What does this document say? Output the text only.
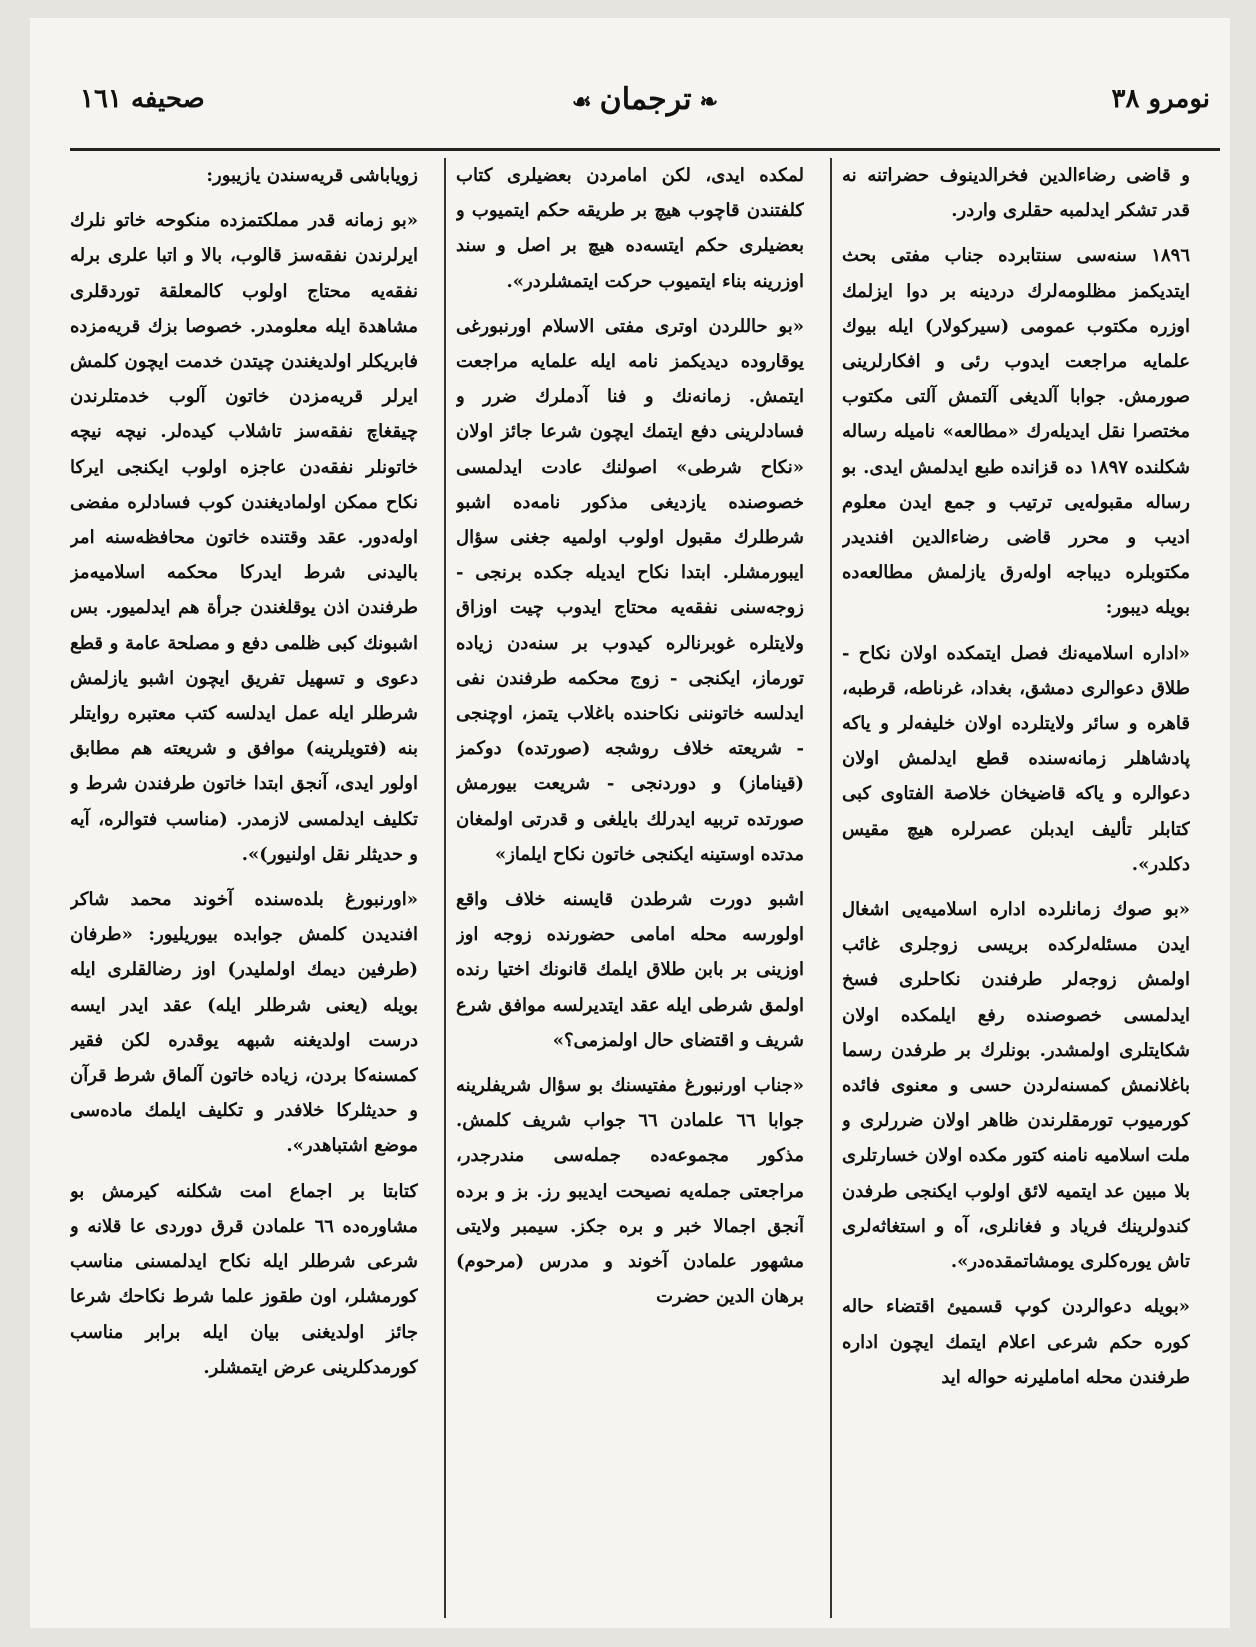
نومرو ٣٨
❧ترجمان☙
صحيفه ١٦١

و قاضى رضاءالدين فخرالدينوف حضراتنه نه قدر تشكر ايدلمبه حقلرى واردر.

١٨٩٦ سنه‌سى سنتابرده جناب مفتى بحث ايتديكمز مظلومه‌لرك دردينه بر دوا ايزلمك اوزره مكتوب عمومى (سيركولار) ايله بيوك علمايه مراجعت ايدوب رئى و افكارلرينى صورمش. جوابا آلديغى آلتمش آلتى مكتوب مختصرا نقل ايديله‌رك «مطالعه» ناميله رساله شكلنده ١٨٩٧ ده قزانده طبع ايدلمش ايدى. بو رساله مقبوله‌يى ترتيب و جمع ايدن معلوم اديب و محرر قاضى رضاءالدين افنديدر مكتوبلره ديباجه اوله‌رق يازلمش مطالعه‌ده بويله ديبور:

«اداره اسلاميه‌نك فصل ايتمكده اولان نكاح - طلاق دعوالرى دمشق، بغداد، غرناطه، قرطبه، قاهره و سائر ولايتلرده اولان خليفه‌لر و ياكه پادشاهلر زمانه‌سنده قطع ايدلمش اولان دعوالره و ياكه قاضيخان خلاصة الفتاوى كبى كتابلر تأليف ايدبلن عصرلره هيچ مقيس دكلدر».

«بو صوك زمانلرده اداره اسلاميه‌يى اشغال ايدن مسئله‌لركده بريسى زوجلرى غائب اولمش زوجه‌لر طرفندن نكاحلرى فسخ ايدلمسى خصوصنده رفع ايلمكده اولان شكايتلرى اولمشدر. بونلرك بر طرفدن رسما باغلانمش كمسنه‌لردن حسى و معنوى فائده كورميوب تورمقلرندن ظاهر اولان ضررلرى و ملت اسلاميه نامنه كتور مكده اولان خسارتلرى بلا مبين عد ايتميه لائق اولوب ايكنجى طرفدن كندولرينك فرياد و فغانلرى، آه و استغاثه‌لرى تاش يوره‌كلرى يومشاتمقده‌در».

«بويله دعوالردن كوپ قسميئ اقتضاء حاله كوره حكم شرعى اعلام ايتمك ايچون اداره طرفندن محله امامليرنه حواله ايد

لمكده ايدى، لكن امامردن بعضيلرى كتاب كلفتندن قاچوب هيچ بر طريقه حكم ايتميوب و بعضيلرى حكم ايتسه‌ده هيچ بر اصل و سند اوزرينه بناء ايتميوب حركت ايتمشلردر».

«بو حاللردن اوترى مفتى الاسلام اورنبورغى يوقاروده ديديكمز نامه ايله علمايه مراجعت ايتمش. زمانه‌نك و فنا آدملرك ضرر و فسادلرينى دفع ايتمك ايچون شرعا جائز اولان «نكاح شرطى» اصولنك عادت ايدلمسى خصوصنده يازديغى مذكور نامه‌ده اشبو شرطلرك مقبول اولوب اولميه جغنى سؤال ايبورمشلر. ابتدا نكاح ايديله جكده برنجى - زوجه‌سنى نفقه‌يه محتاج ايدوب چيت اوزاق ولايتلره غوبرنالره كيدوب بر سنه‌دن زياده تورماز، ايكنجى - زوج محكمه طرفندن نفى ايدلسه خاتوننى نكاحنده باغلاب يتمز، اوچنجى - شريعته خلاف روشجه (صورتده) دوكمز (قيناماز) و دوردنجى - شريعت بيورمش صورتده تربيه ايدرلك بايلغى و قدرتى اولمغان مدتده اوستينه ايكنجى خاتون نكاح ايلماز»

اشبو دورت شرطدن قايسنه خلاف واقع اولورسه محله امامى حضورنده زوجه اوز اوزينى بر بابن طلاق ايلمك قانونك اختيا رنده اولمق شرطى ايله عقد ايتديرلسه موافق شرع شريف و اقتضاى حال اولمزمى؟»

«جناب اورنبورغ مفتيسنك بو سؤال شريفلرينه جوابا ٦٦ علمادن ٦٦ جواب شريف كلمش. مذكور مجموعه‌ده جمله‌سى مندرجدر، مراجعتى جمله‌يه نصيحت ايديبو رز. بز و برده آنجق اجمالا خبر و بره جكز. سيمبر ولايتى مشهور علمادن آخوند و مدرس (مرحوم) برهان الدين حضرت

زوياباشى قريه‌سندن يازيبور:

«بو زمانه قدر مملكتمزده منكوحه خاتو نلرك ايرلرندن نفقه‌سز قالوب، بالا و اتبا علرى برله نفقه‌يه محتاج اولوب كالمعلقة توردقلرى مشاهدة ايله معلومدر. خصوصا بزك قريه‌مزده فابريكلر اولديغندن چيتدن خدمت ايچون كلمش ايرلر قريه‌مزدن خاتون آلوب خدمتلرندن چيقغاچ نفقه‌سز تاشلاب كيده‌لر. نيچه نيچه خاتونلر نفقه‌دن عاجزه اولوب ايكنجى ايركا نكاح ممكن اولماديغندن كوب فسادلره مفضى اوله‌دور. عقد وقتنده خاتون محافظه‌سنه امر باليدنى شرط ايدركا محكمه اسلاميه‌مز طرفندن اذن يوقلغندن جرأة هم ايدلميور. بس اشبونك كبى ظلمى دفع و مصلحة عامة و قطع دعوى و تسهيل تفريق ايچون اشبو يازلمش شرطلر ايله عمل ايدلسه كتب معتبره روايتلر بنه (فتويلرينه) موافق و شريعته هم مطابق اولور ايدى، آنجق ابتدا خاتون طرفندن شرط و تكليف ايدلمسى لازمدر. (مناسب فتوالره، آيه و حديثلر نقل اولنيور)».

«اورنبورغ بلده‌سنده آخوند محمد شاكر افنديدن كلمش جوابده بيوريليور: «طرفان (طرفين ديمك اولمليدر) اوز رضالقلرى ايله بويله (يعنى شرطلر ايله) عقد ايدر ايسه درست اولديغنه شبهه يوقدره لكن فقير كمسنه‌كا بردن، زياده خاتون آلماق شرط قرآن و حديثلركا خلافدر و تكليف ايلمك ماده‌سى موضع اشتباهدر».

كتابتا بر اجماع امت شكلنه كيرمش بو مشاوره‌ده ٦٦ علمادن قرق دوردى عا قلانه و شرعى شرطلر ايله نكاح ايدلمسنى مناسب كورمشلر، اون طقوز علما شرط نكاحك شرعا جائز اولديغنى بيان ايله برابر مناسب كورمدكلرينى عرض ايتمشلر.
